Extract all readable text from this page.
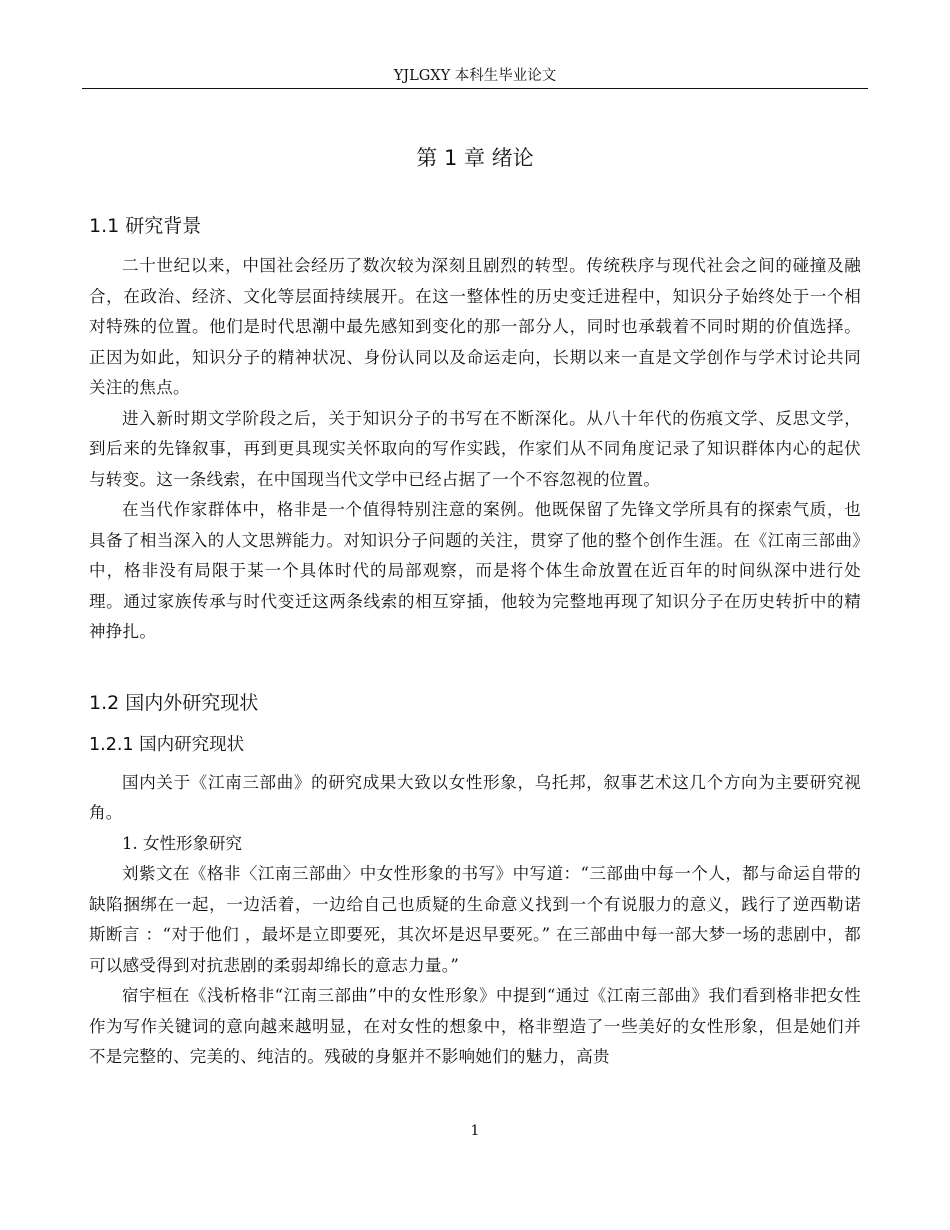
YJLGXY 本科生毕业论文
第 1 章 绪论
1.1 研究背景

二十世纪以来，中国社会经历了数次较为深刻且剧烈的转型。传统秩序与现代社会之间的碰撞及融合，在政治、经济、文化等层面持续展开。在这一整体性的历史变迁进程中，知识分子始终处于一个相对特殊的位置。他们是时代思潮中最先感知到变化的那一部分人，同时也承载着不同时期的价值选择。正因为如此，知识分子的精神状况、身份认同以及命运走向，长期以来一直是文学创作与学术讨论共同关注的焦点。

进入新时期文学阶段之后，关于知识分子的书写在不断深化。从八十年代的伤痕文学、反思文学，到后来的先锋叙事，再到更具现实关怀取向的写作实践，作家们从不同角度记录了知识群体内心的起伏与转变。这一条线索，在中国现当代文学中已经占据了一个不容忽视的位置。

在当代作家群体中，格非是一个值得特别注意的案例。他既保留了先锋文学所具有的探索气质，也具备了相当深入的人文思辨能力。对知识分子问题的关注，贯穿了他的整个创作生涯。在《江南三部曲》中，格非没有局限于某一个具体时代的局部观察，而是将个体生命放置在近百年的时间纵深中进行处理。通过家族传承与时代变迁这两条线索的相互穿插，他较为完整地再现了知识分子在历史转折中的精神挣扎。

1.2 国内外研究现状
1.2.1 国内研究现状

国内关于《江南三部曲》的研究成果大致以女性形象，乌托邦，叙事艺术这几个方向为主要研究视角。

1. 女性形象研究

刘紫文在《格非〈江南三部曲〉中女性形象的书写》中写道：“三部曲中每一个人，都与命运自带的缺陷捆绑在一起，一边活着，一边给自己也质疑的生命意义找到一个有说服力的意义，践行了逆西勒诺斯断言 ：“对于他们 ，最坏是立即要死，其次坏是迟早要死。” 在三部曲中每一部大梦一场的悲剧中，都可以感受得到对抗悲剧的柔弱却绵长的意志力量。”

宿宇桓在《浅析格非“江南三部曲”中的女性形象》中提到“通过《江南三部曲》我们看到格非把女性作为写作关键词的意向越来越明显，在对女性的想象中，格非塑造了一些美好的女性形象，但是她们并不是完整的、完美的、纯洁的。残破的身躯并不影响她们的魅力，高贵

1
